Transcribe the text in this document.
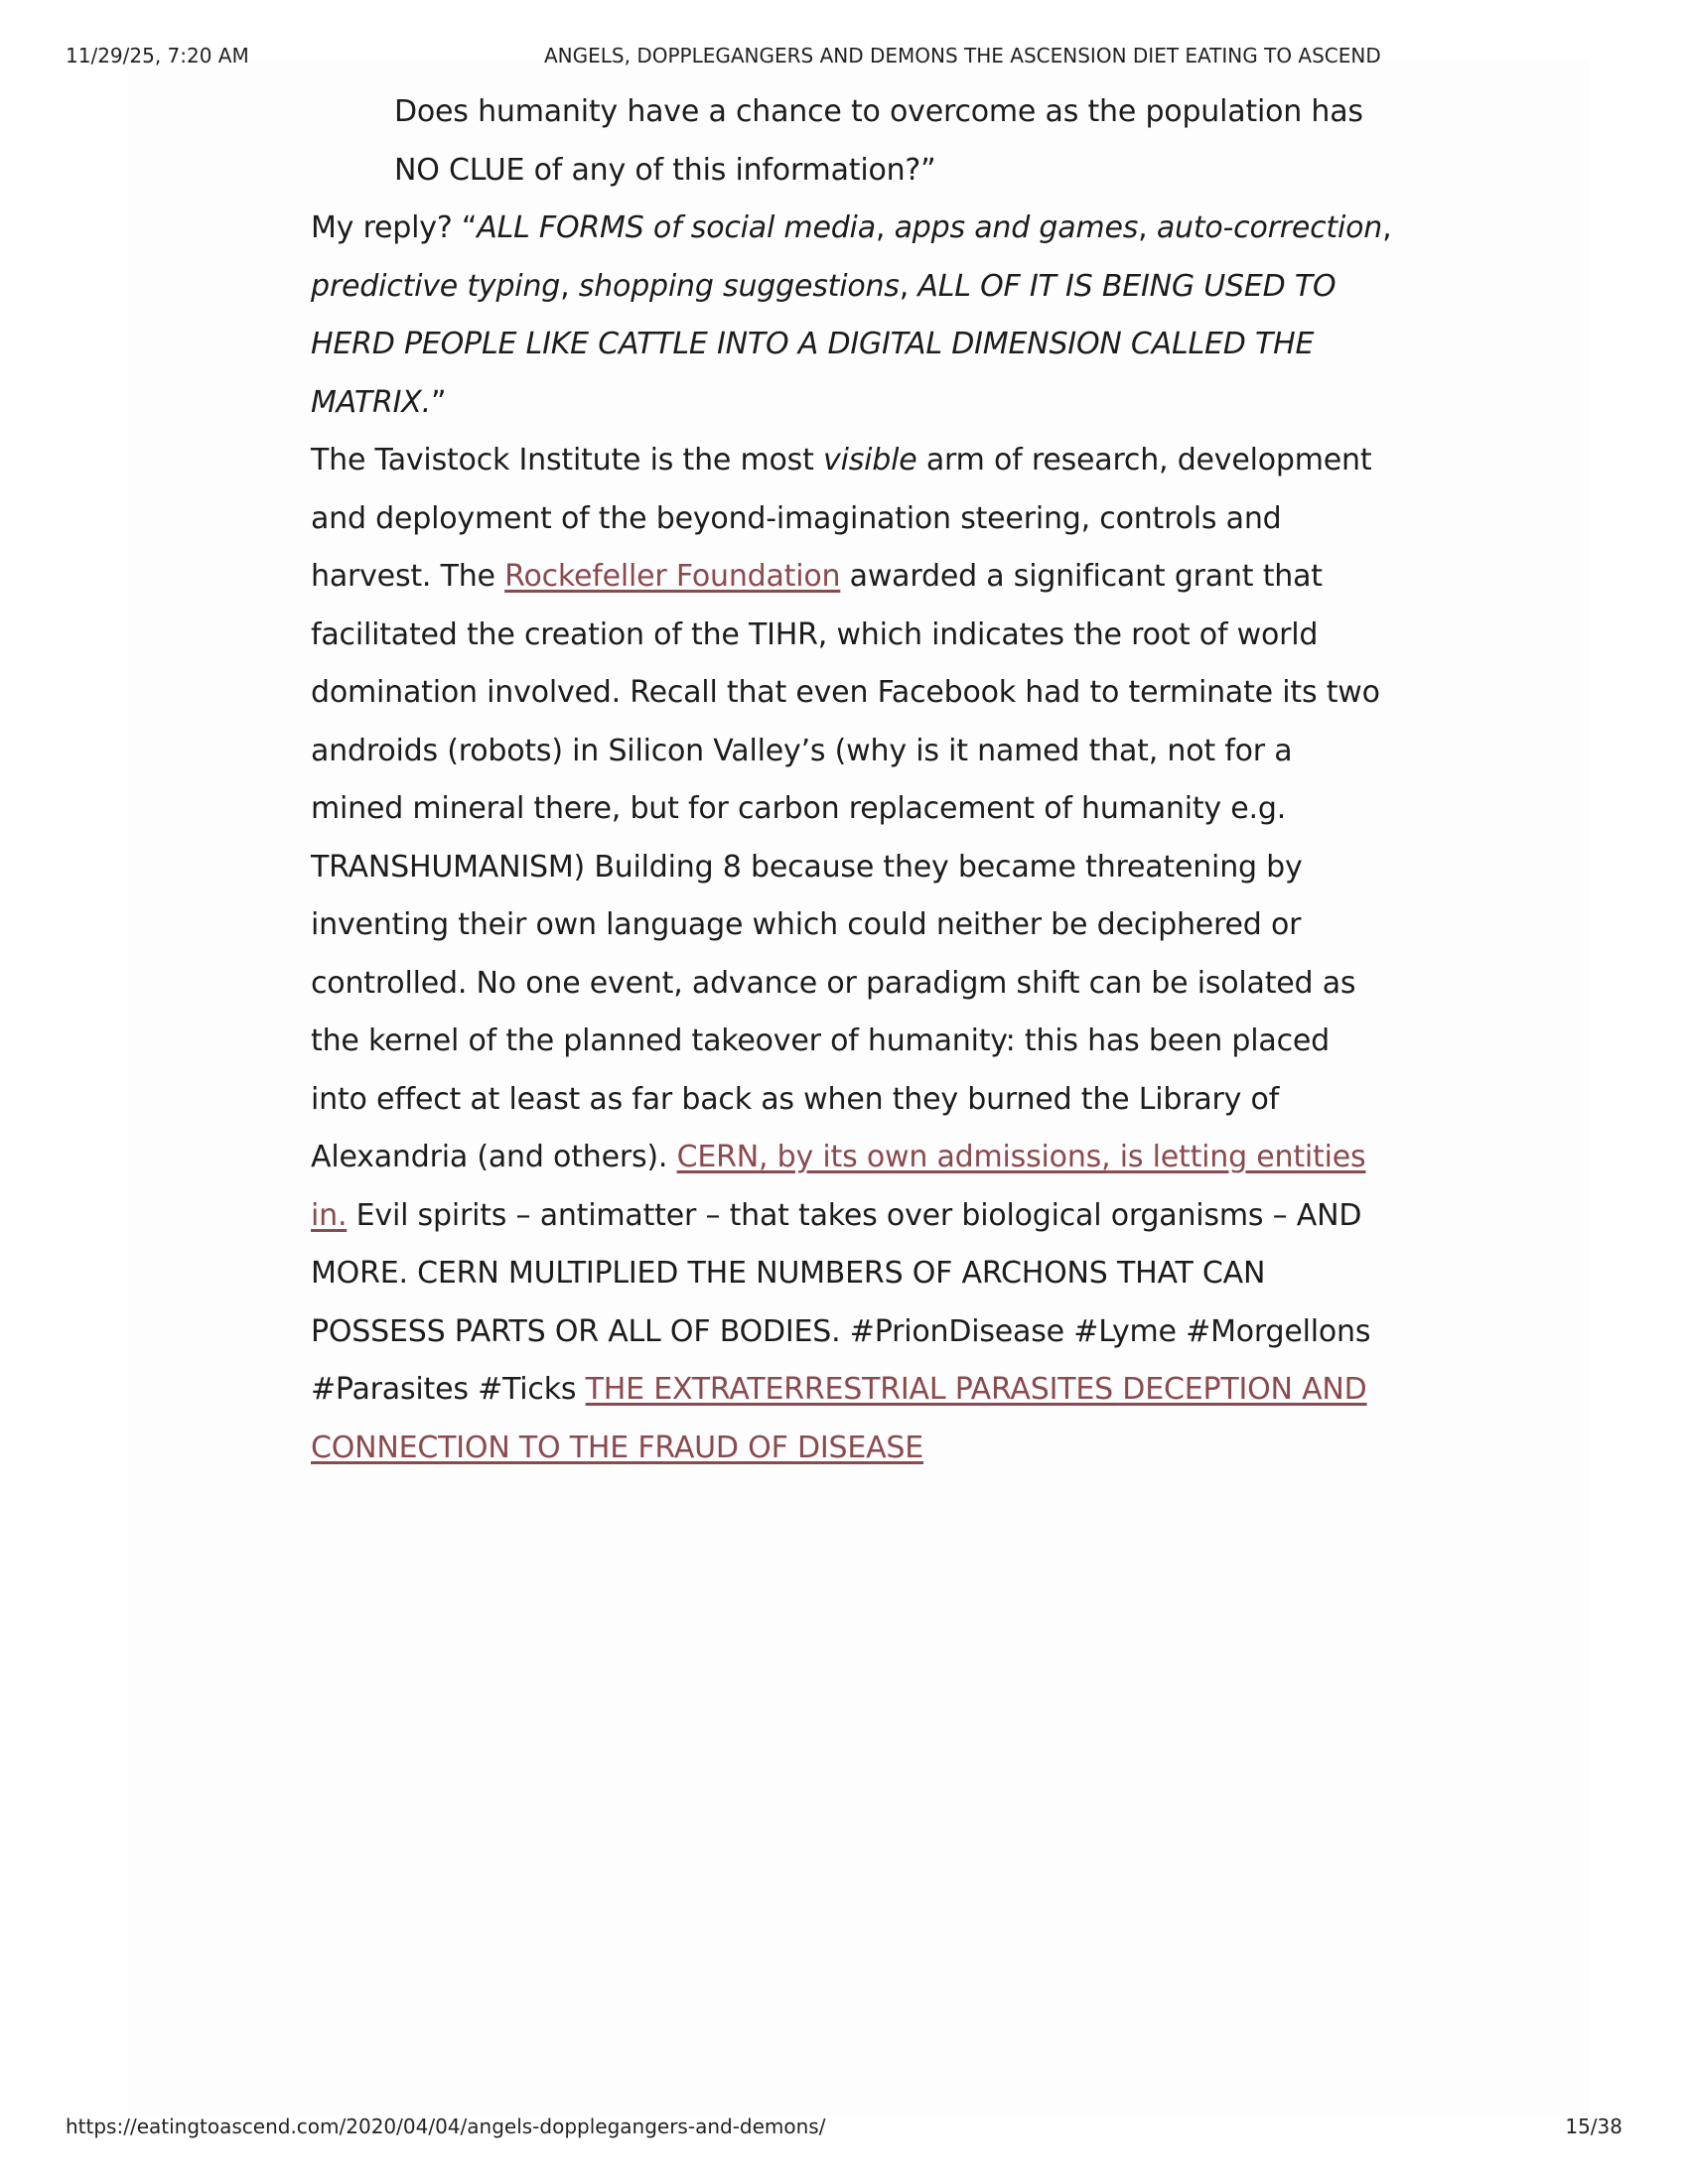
11/29/25, 7:20 AM	ANGELS, DOPPLEGANGERS AND DEMONS THE ASCENSION DIET EATING TO ASCEND

Does humanity have a chance to overcome as the population has
NO CLUE of any of this information?”

My reply? “ALL FORMS of social media, apps and games, auto-correction, predictive typing, shopping suggestions, ALL OF IT IS BEING USED TO HERD PEOPLE LIKE CATTLE INTO A DIGITAL DIMENSION CALLED THE MATRIX.”

The Tavistock Institute is the most visible arm of research, development and deployment of the beyond-imagination steering, controls and harvest. The Rockefeller Foundation awarded a significant grant that facilitated the creation of the TIHR, which indicates the root of world domination involved. Recall that even Facebook had to terminate its two androids (robots) in Silicon Valley’s (why is it named that, not for a mined mineral there, but for carbon replacement of humanity e.g. TRANSHUMANISM) Building 8 because they became threatening by inventing their own language which could neither be deciphered or controlled. No one event, advance or paradigm shift can be isolated as the kernel of the planned takeover of humanity: this has been placed into effect at least as far back as when they burned the Library of Alexandria (and others). CERN, by its own admissions, is letting entities in. Evil spirits – antimatter – that takes over biological organisms – AND MORE. CERN MULTIPLIED THE NUMBERS OF ARCHONS THAT CAN POSSESS PARTS OR ALL OF BODIES. #PrionDisease #Lyme #Morgellons #Parasites #Ticks THE EXTRATERRESTRIAL PARASITES DECEPTION AND CONNECTION TO THE FRAUD OF DISEASE

https://eatingtoascend.com/2020/04/04/angels-dopplegangers-and-demons/	15/38
